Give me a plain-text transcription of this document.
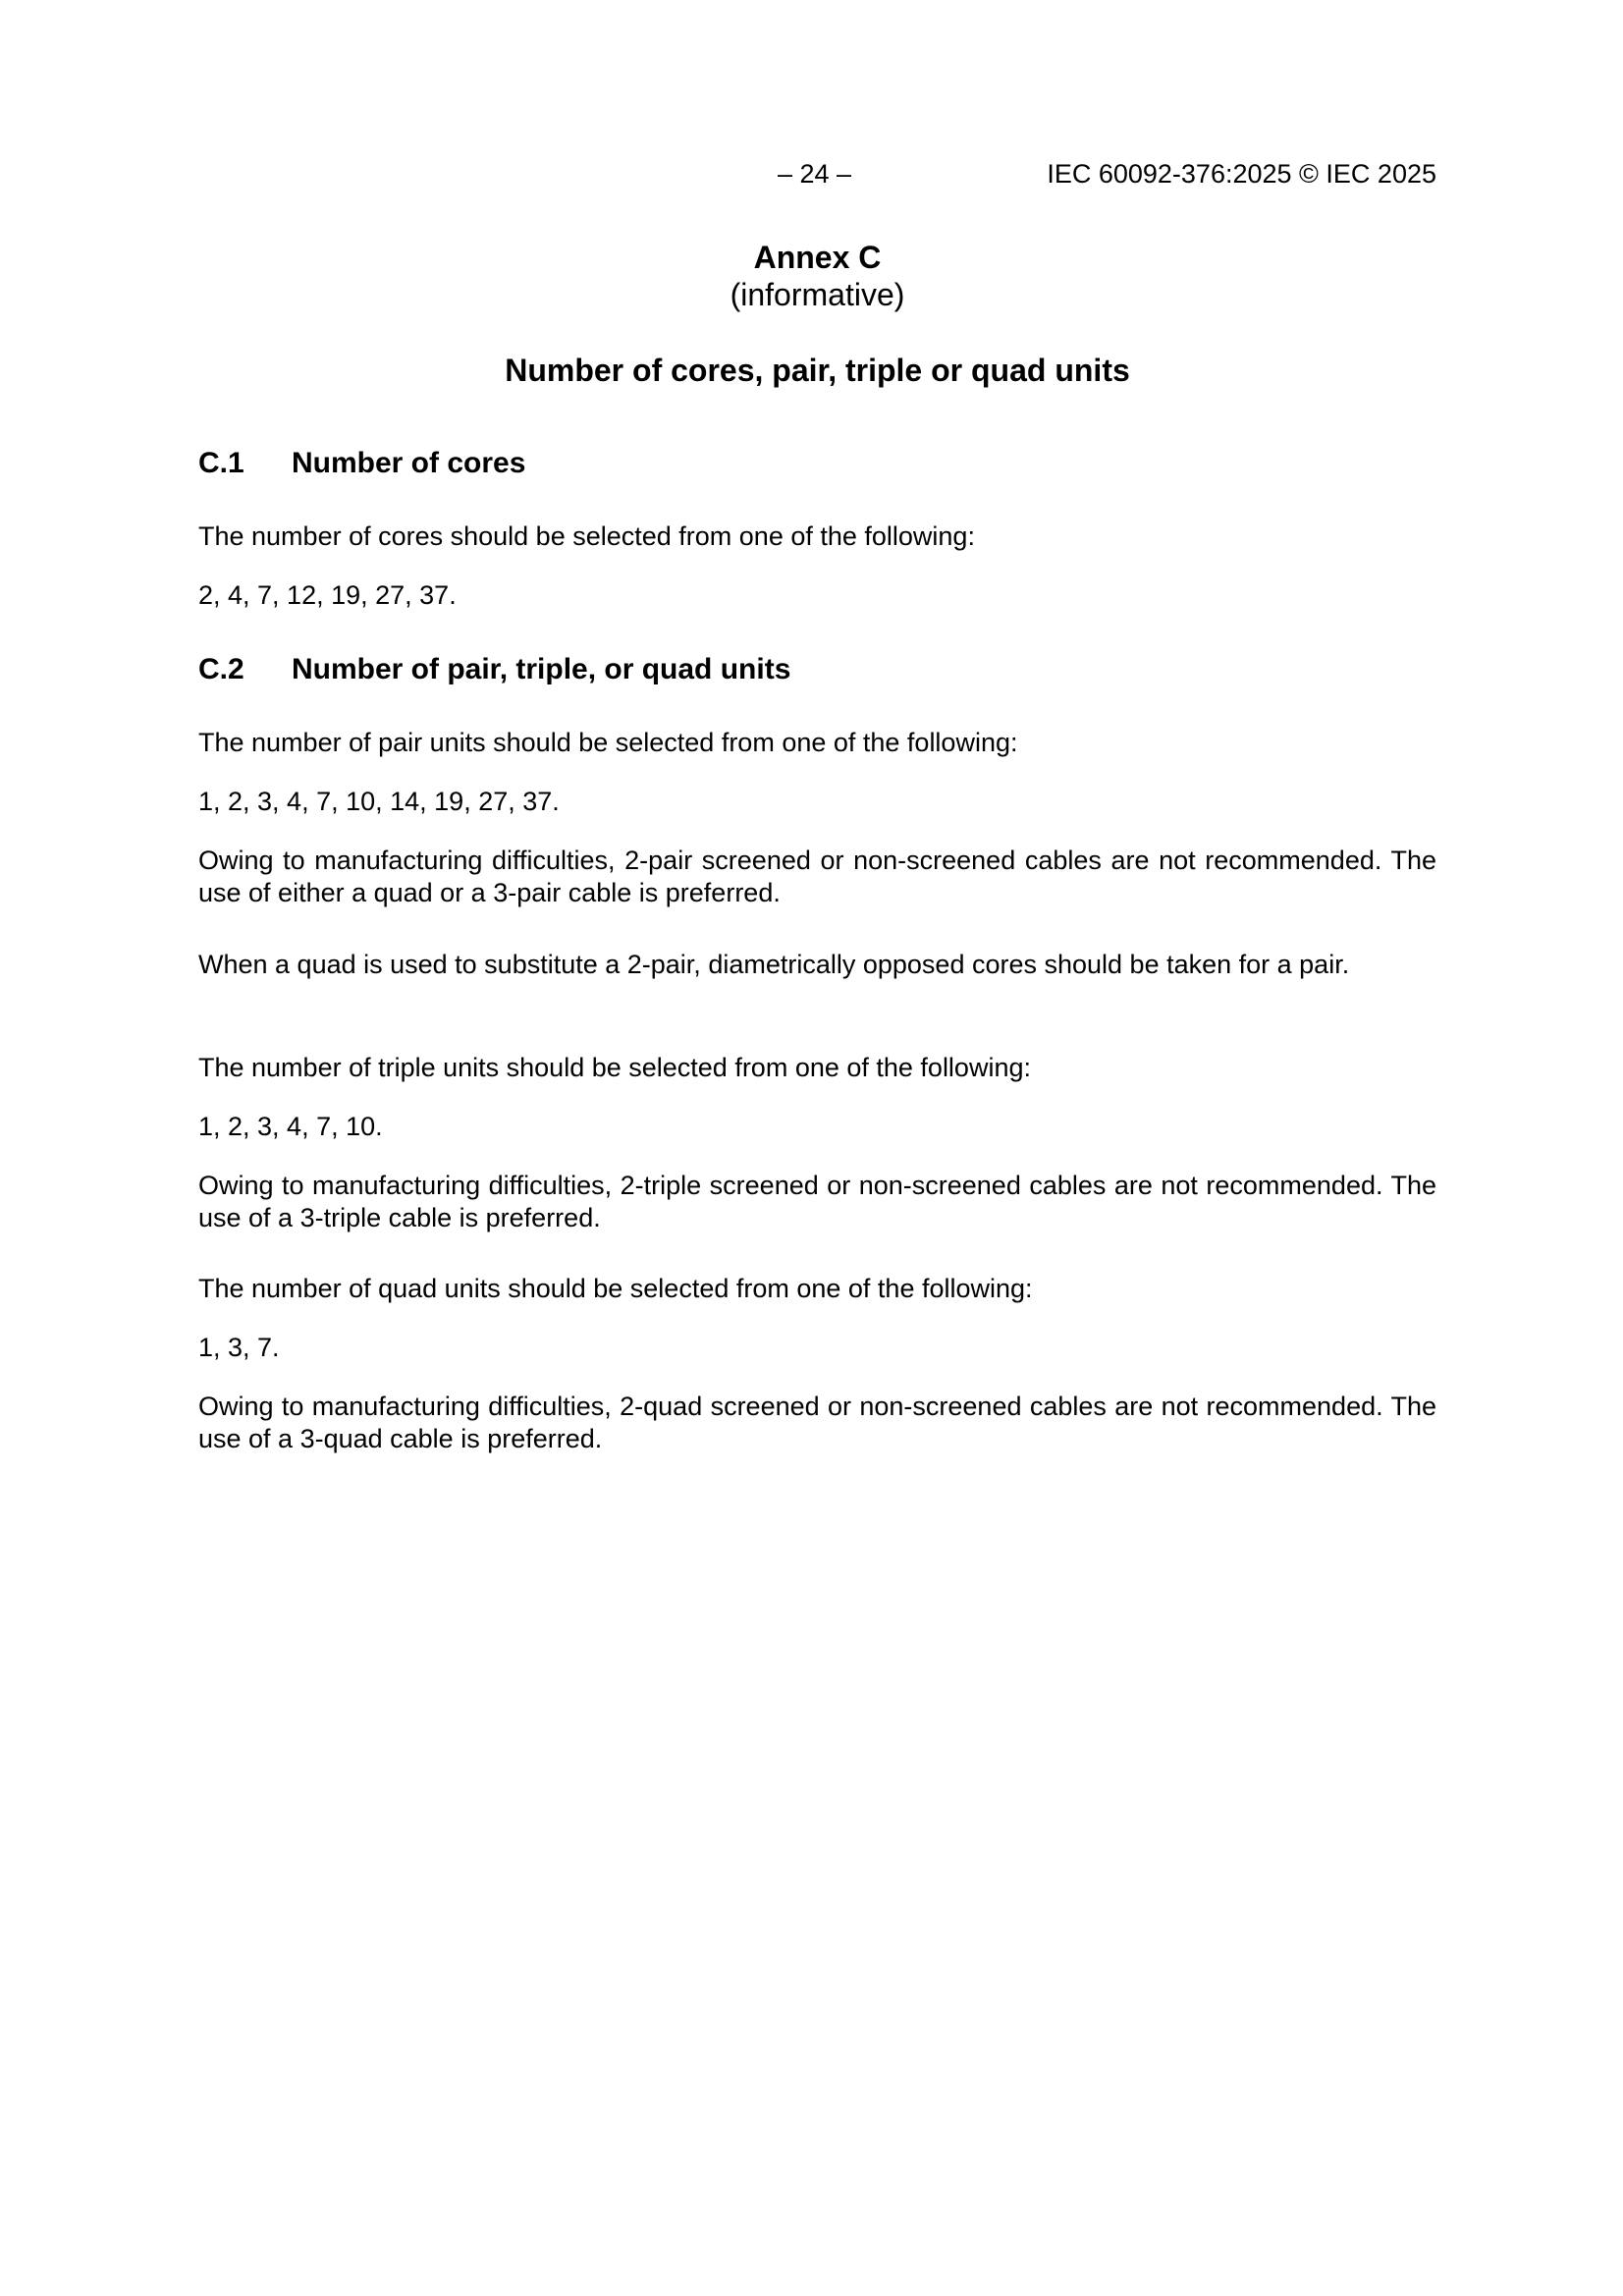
– 24 –	IEC 60092-376:2025 © IEC 2025
Annex C
(informative)
Number of cores, pair, triple or quad units
C.1 Number of cores
The number of cores should be selected from one of the following:
2, 4, 7, 12, 19, 27, 37.
C.2 Number of pair, triple, or quad units
The number of pair units should be selected from one of the following:
1, 2, 3, 4, 7, 10, 14, 19, 27, 37.
Owing to manufacturing difficulties, 2-pair screened or non-screened cables are not recommended. The use of either a quad or a 3-pair cable is preferred.
When a quad is used to substitute a 2-pair, diametrically opposed cores should be taken for a pair.
The number of triple units should be selected from one of the following:
1, 2, 3, 4, 7, 10.
Owing to manufacturing difficulties, 2-triple screened or non-screened cables are not recommended. The use of a 3-triple cable is preferred.
The number of quad units should be selected from one of the following:
1, 3, 7.
Owing to manufacturing difficulties, 2-quad screened or non-screened cables are not recommended. The use of a 3-quad cable is preferred.
